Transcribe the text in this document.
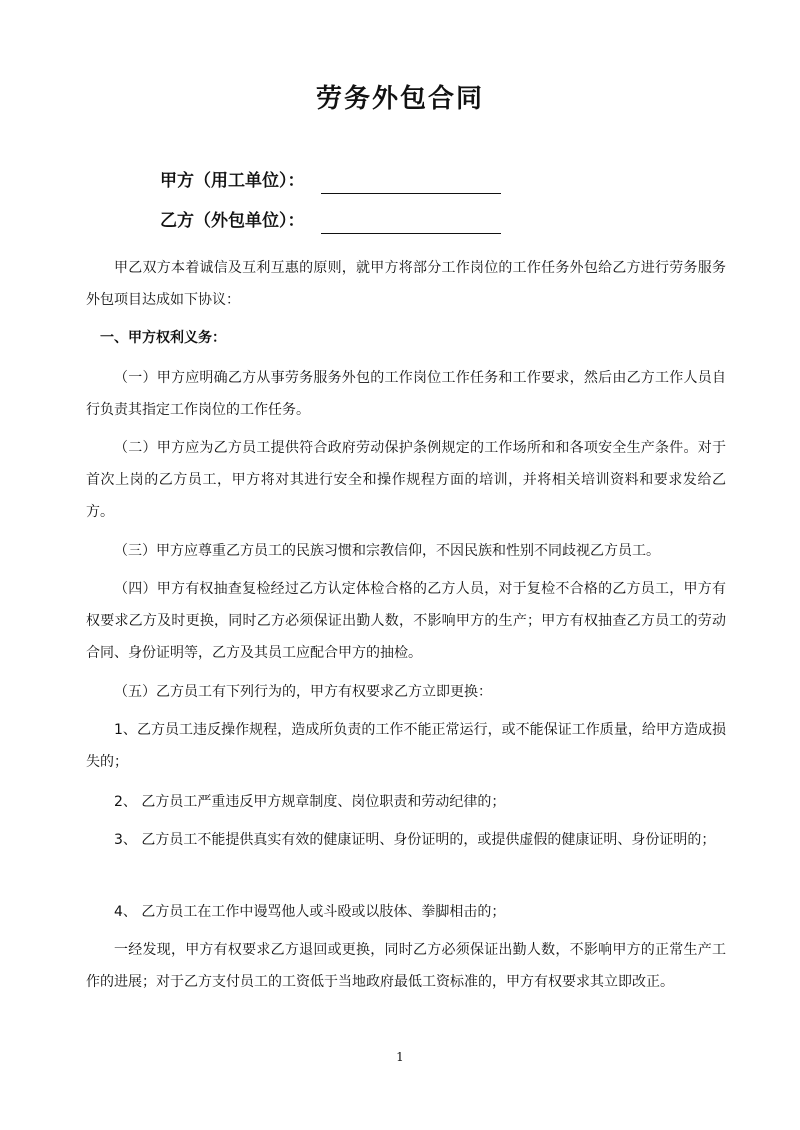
劳务外包合同
甲方（用工单位）：
乙方（外包单位）：

甲乙双方本着诚信及互利互惠的原则，就甲方将部分工作岗位的工作任务外包给乙方进行劳务服务外包项目达成如下协议：

一、甲方权利义务：

（一）甲方应明确乙方从事劳务服务外包的工作岗位工作任务和工作要求，然后由乙方工作人员自行负责其指定工作岗位的工作任务。

（二）甲方应为乙方员工提供符合政府劳动保护条例规定的工作场所和和各项安全生产条件。对于首次上岗的乙方员工，甲方将对其进行安全和操作规程方面的培训，并将相关培训资料和要求发给乙方。

（三）甲方应尊重乙方员工的民族习惯和宗教信仰，不因民族和性别不同歧视乙方员工。

（四）甲方有权抽查复检经过乙方认定体检合格的乙方人员，对于复检不合格的乙方员工，甲方有权要求乙方及时更换，同时乙方必须保证出勤人数，不影响甲方的生产；甲方有权抽查乙方员工的劳动合同、身份证明等，乙方及其员工应配合甲方的抽检。

（五）乙方员工有下列行为的，甲方有权要求乙方立即更换：

1、乙方员工违反操作规程，造成所负责的工作不能正常运行，或不能保证工作质量，给甲方造成损失的；

2、 乙方员工严重违反甲方规章制度、岗位职责和劳动纪律的；

3、 乙方员工不能提供真实有效的健康证明、身份证明的，或提供虚假的健康证明、身份证明的；

4、 乙方员工在工作中谩骂他人或斗殴或以肢体、拳脚相击的；

一经发现，甲方有权要求乙方退回或更换，同时乙方必须保证出勤人数，不影响甲方的正常生产工作的进展；对于乙方支付员工的工资低于当地政府最低工资标准的，甲方有权要求其立即改正。

1
